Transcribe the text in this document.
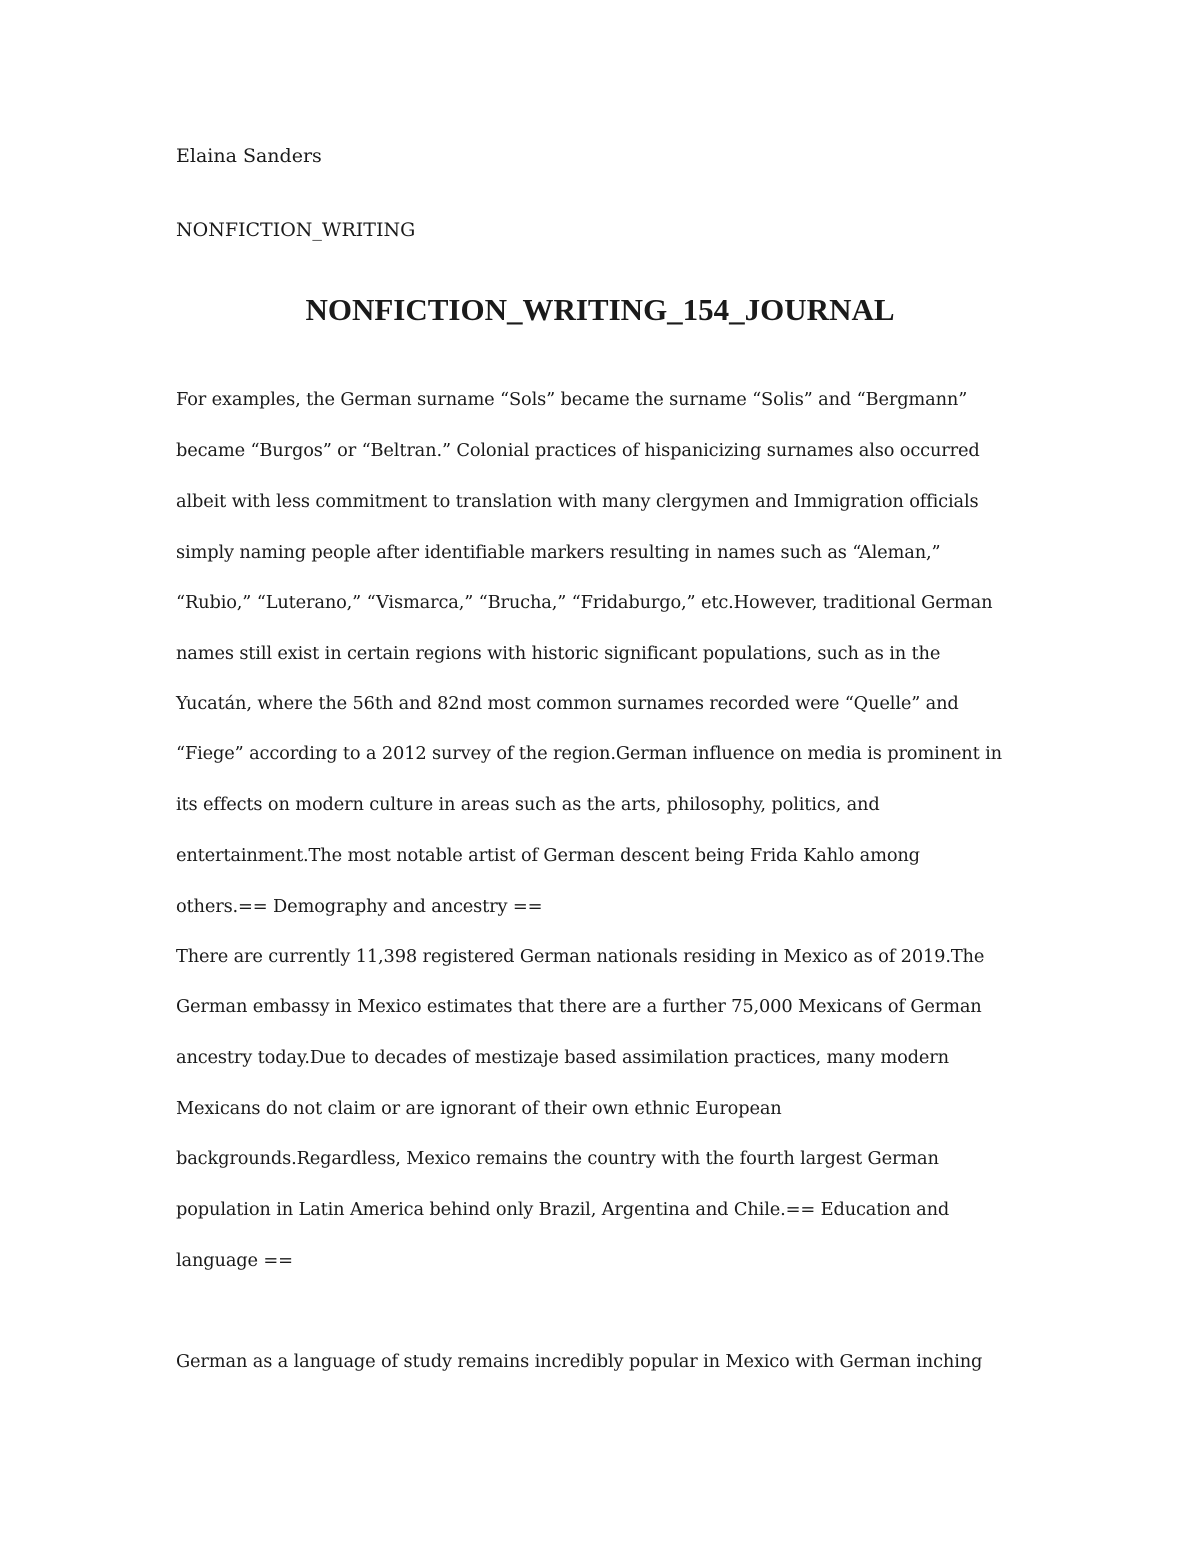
Elaina Sanders
NONFICTION_WRITING
NONFICTION_WRITING_154_JOURNAL
For examples, the German surname “Sols” became the surname “Solis” and “Bergmann”
became “Burgos” or “Beltran.” Colonial practices of hispanicizing surnames also occurred
albeit with less commitment to translation with many clergymen and Immigration officials
simply naming people after identifiable markers resulting in names such as “Aleman,”
“Rubio,” “Luterano,” “Vismarca,” “Brucha,” “Fridaburgo,” etc.However, traditional German
names still exist in certain regions with historic significant populations, such as in the
Yucatán, where the 56th and 82nd most common surnames recorded were “Quelle” and
“Fiege” according to a 2012 survey of the region.German influence on media is prominent in
its effects on modern culture in areas such as the arts, philosophy, politics, and
entertainment.The most notable artist of German descent being Frida Kahlo among
others.== Demography and ancestry ==
There are currently 11,398 registered German nationals residing in Mexico as of 2019.The
German embassy in Mexico estimates that there are a further 75,000 Mexicans of German
ancestry today.Due to decades of mestizaje based assimilation practices, many modern
Mexicans do not claim or are ignorant of their own ethnic European
backgrounds.Regardless, Mexico remains the country with the fourth largest German
population in Latin America behind only Brazil, Argentina and Chile.== Education and
language ==
German as a language of study remains incredibly popular in Mexico with German inching
